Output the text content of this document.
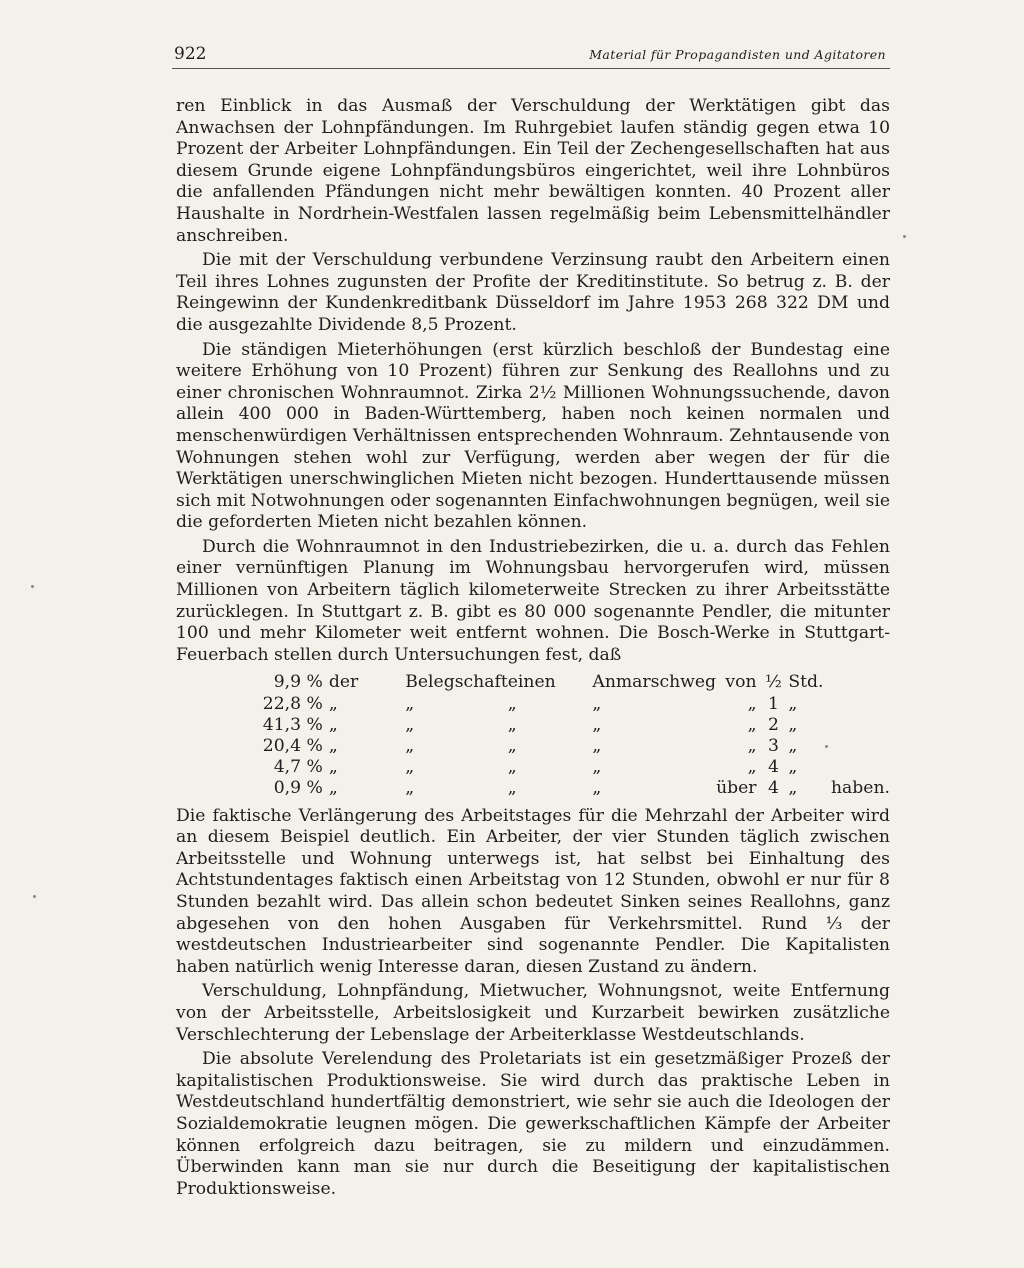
922	Material für Propagandisten und Agitatoren

ren Einblick in das Ausmaß der Verschuldung der Werktätigen gibt das Anwachsen der Lohnpfändungen. Im Ruhrgebiet laufen ständig gegen etwa 10 Prozent der Arbeiter Lohnpfändungen. Ein Teil der Zechengesellschaften hat aus diesem Grunde eigene Lohnpfändungsbüros eingerichtet, weil ihre Lohnbüros die anfallenden Pfändungen nicht mehr bewältigen konnten. 40 Prozent aller Haushalte in Nordrhein-Westfalen lassen regelmäßig beim Lebensmittelhändler anschreiben.

Die mit der Verschuldung verbundene Verzinsung raubt den Arbeitern einen Teil ihres Lohnes zugunsten der Profite der Kreditinstitute. So betrug z. B. der Reingewinn der Kundenkreditbank Düsseldorf im Jahre 1953 268 322 DM und die ausgezahlte Dividende 8,5 Prozent.

Die ständigen Mieterhöhungen (erst kürzlich beschloß der Bundestag eine weitere Erhöhung von 10 Prozent) führen zur Senkung des Reallohns und zu einer chronischen Wohnraumnot. Zirka 2½ Millionen Wohnungssuchende, davon allein 400 000 in Baden-Württemberg, haben noch keinen normalen und menschenwürdigen Verhältnissen entsprechenden Wohnraum. Zehntausende von Wohnungen stehen wohl zur Verfügung, werden aber wegen der für die Werktätigen unerschwinglichen Mieten nicht bezogen. Hunderttausende müssen sich mit Notwohnungen oder sogenannten Einfachwohnungen begnügen, weil sie die geforderten Mieten nicht bezahlen können.

Durch die Wohnraumnot in den Industriebezirken, die u. a. durch das Fehlen einer vernünftigen Planung im Wohnungsbau hervorgerufen wird, müssen Millionen von Arbeitern täglich kilometerweite Strecken zu ihrer Arbeitsstätte zurücklegen. In Stuttgart z. B. gibt es 80 000 sogenannte Pendler, die mitunter 100 und mehr Kilometer weit entfernt wohnen. Die Bosch-Werke in Stuttgart-Feuerbach stellen durch Untersuchungen fest, daß

9,9 %	der	Belegschaft	einen	Anmarschweg	von	½	Std.	
22,8 %	„	„	„	„	„	1	„	
41,3 %	„	„	„	„	„	2	„	
20,4 %	„	„	„	„	„	3	„	
4,7 %	„	„	„	„	„	4	„	
0,9 %	„	„	„	„	über	4	„	haben.

Die faktische Verlängerung des Arbeitstages für die Mehrzahl der Arbeiter wird an diesem Beispiel deutlich. Ein Arbeiter, der vier Stunden täglich zwischen Arbeitsstelle und Wohnung unterwegs ist, hat selbst bei Einhaltung des Achtstundentages faktisch einen Arbeitstag von 12 Stunden, obwohl er nur für 8 Stunden bezahlt wird. Das allein schon bedeutet Sinken seines Reallohns, ganz abgesehen von den hohen Ausgaben für Verkehrsmittel. Rund ⅓ der westdeutschen Industriearbeiter sind sogenannte Pendler. Die Kapitalisten haben natürlich wenig Interesse daran, diesen Zustand zu ändern.

Verschuldung, Lohnpfändung, Mietwucher, Wohnungsnot, weite Entfernung von der Arbeitsstelle, Arbeitslosigkeit und Kurzarbeit bewirken zusätzliche Verschlechterung der Lebenslage der Arbeiterklasse Westdeutschlands.

Die absolute Verelendung des Proletariats ist ein gesetzmäßiger Prozeß der kapitalistischen Produktionsweise. Sie wird durch das praktische Leben in Westdeutschland hundertfältig demonstriert, wie sehr sie auch die Ideologen der Sozialdemokratie leugnen mögen. Die gewerkschaftlichen Kämpfe der Arbeiter können erfolgreich dazu beitragen, sie zu mildern und einzudämmen. Überwinden kann man sie nur durch die Beseitigung der kapitalistischen Produktionsweise.
